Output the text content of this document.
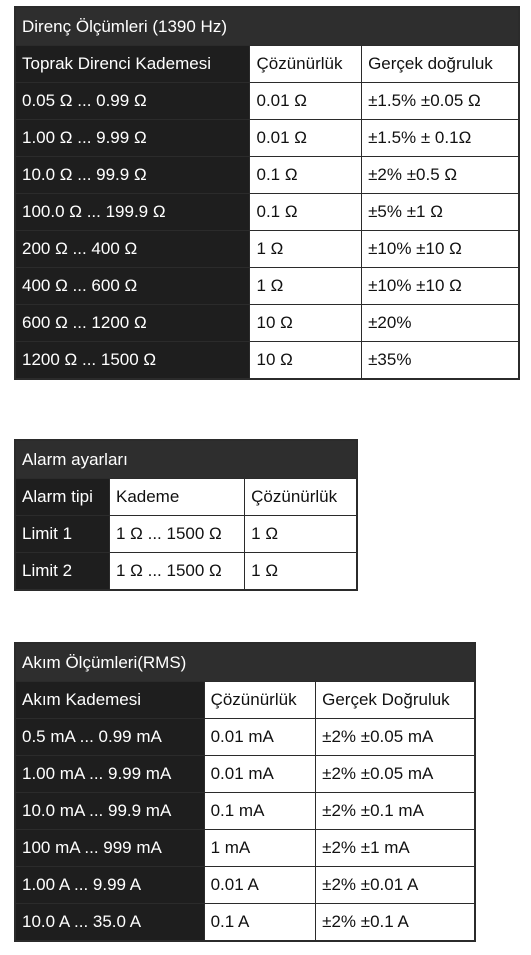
Direnç Ölçümleri (1390 Hz)		
Toprak Direnci Kademesi	Çözünürlük	Gerçek doğruluk
0.05 Ω ... 0.99 Ω	0.01 Ω	±1.5% ±0.05 Ω
1.00 Ω ... 9.99 Ω	0.01 Ω	±1.5% ± 0.1Ω
10.0 Ω ... 99.9 Ω	0.1 Ω	±2% ±0.5 Ω
100.0 Ω ... 199.9 Ω	0.1 Ω	±5% ±1 Ω
200 Ω ... 400 Ω	1 Ω	±10% ±10 Ω
400 Ω ... 600 Ω	1 Ω	±10% ±10 Ω
600 Ω ... 1200 Ω	10 Ω	±20%
1200 Ω ... 1500 Ω	10 Ω	±35%
Alarm ayarları		
Alarm tipi	Kademe	Çözünürlük
Limit 1	1 Ω ... 1500 Ω	1 Ω
Limit 2	1 Ω ... 1500 Ω	1 Ω
Akım Ölçümleri(RMS)		
Akım Kademesi	Çözünürlük	Gerçek Doğruluk
0.5 mA ... 0.99 mA	0.01 mA	±2% ±0.05 mA
1.00 mA ... 9.99 mA	0.01 mA	±2% ±0.05 mA
10.0 mA ... 99.9 mA	0.1 mA	±2% ±0.1 mA
100 mA ... 999 mA	1 mA	±2% ±1 mA
1.00 A ... 9.99 A	0.01 A	±2% ±0.01 A
10.0 A ... 35.0 A	0.1 A	±2% ±0.1 A
